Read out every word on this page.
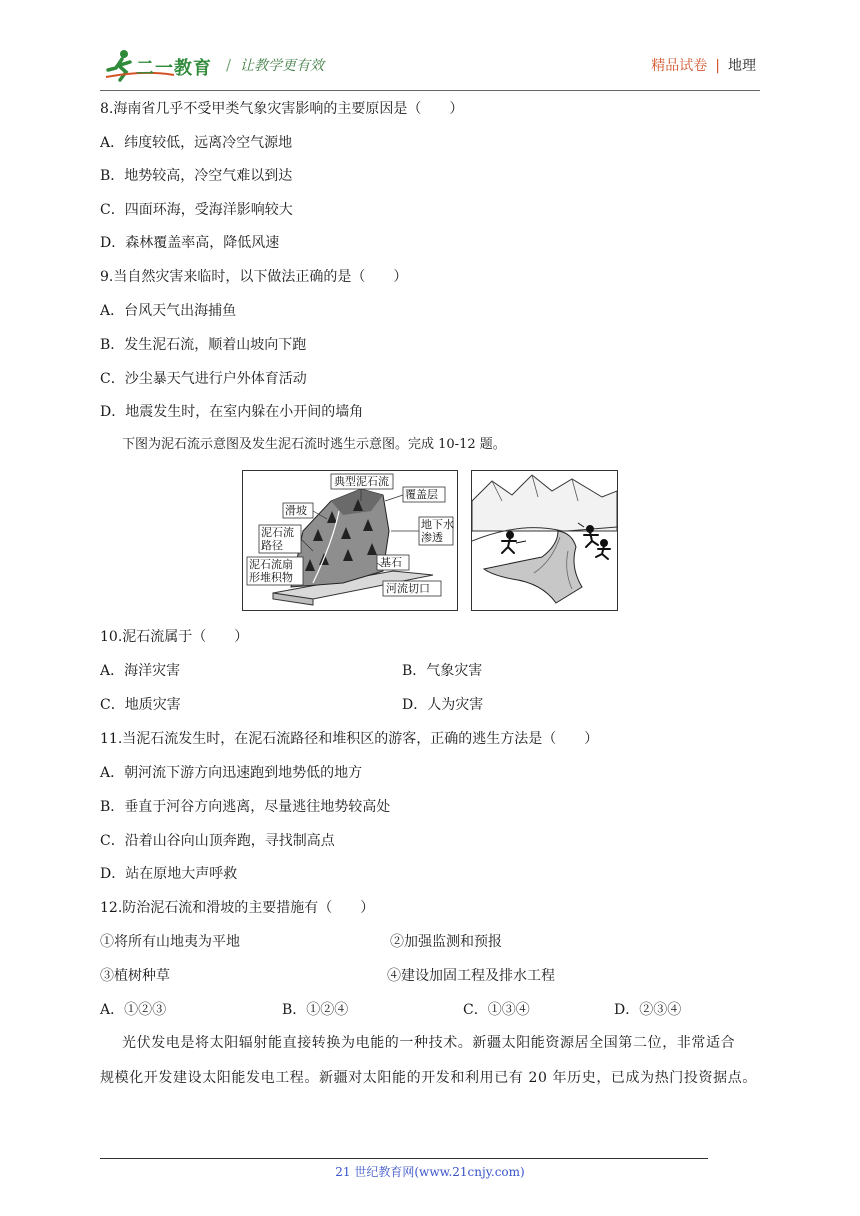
二一教育 / 让教学更有效	精品试卷 | 地理
8.海南省几乎不受甲类气象灾害影响的主要原因是（　　）
A．纬度较低，远离冷空气源地
B．地势较高，冷空气难以到达
C．四面环海，受海洋影响较大
D．森林覆盖率高，降低风速
9.当自然灾害来临时，以下做法正确的是（　　）
A．台风天气出海捕鱼
B．发生泥石流，顺着山坡向下跑
C．沙尘暴天气进行户外体育活动
D．地震发生时，在室内躲在小开间的墙角
下图为泥石流示意图及发生泥石流时逃生示意图。完成 10-12 题。
典型泥石流
覆盖层
滑坡
泥石流
路径
地下水
渗透
泥石流扇
形堆积物
基石
河流切口
10.泥石流属于（　　）
A．海洋灾害	B．气象灾害
C．地质灾害	D．人为灾害
11.当泥石流发生时，在泥石流路径和堆积区的游客，正确的逃生方法是（　　）
A．朝河流下游方向迅速跑到地势低的地方
B．垂直于河谷方向逃离，尽量逃往地势较高处
C．沿着山谷向山顶奔跑，寻找制高点
D．站在原地大声呼救
12.防治泥石流和滑坡的主要措施有（　　）
①将所有山地夷为平地	②加强监测和预报
③植树种草	④建设加固工程及排水工程
A．①②③	B．①②④	C．①③④	D．②③④
光伏发电是将太阳辐射能直接转换为电能的一种技术。新疆太阳能资源居全国第二位，非常适合
规模化开发建设太阳能发电工程。新疆对太阳能的开发和利用已有 20 年历史，已成为热门投资据点。
21 世纪教育网(www.21cnjy.com)
